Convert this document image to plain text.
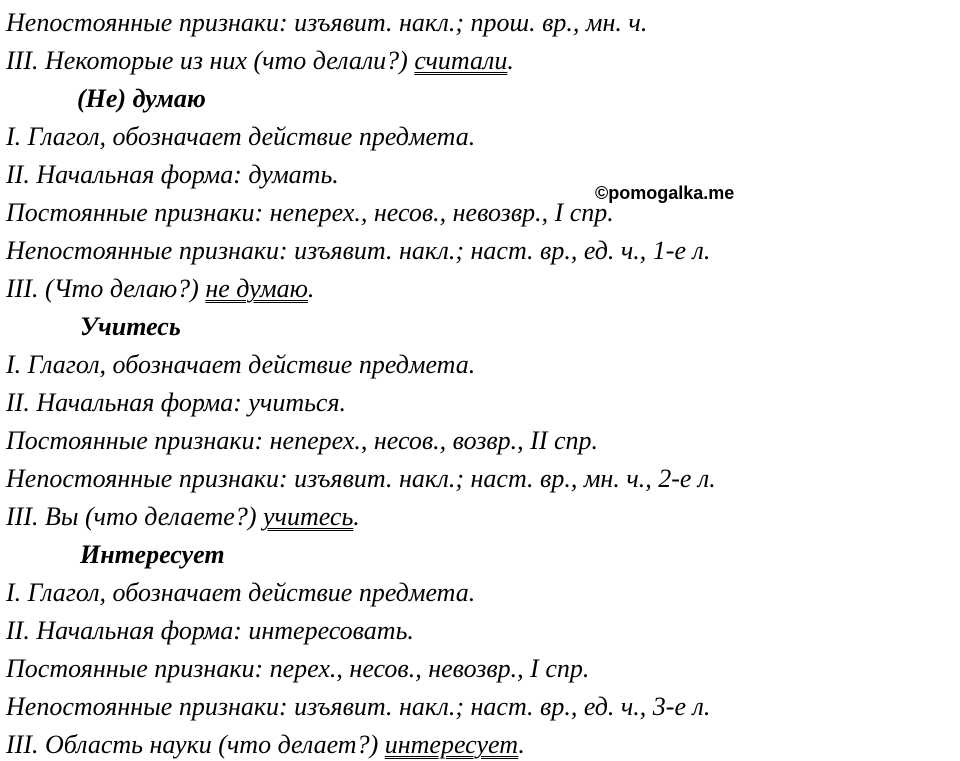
Непостоянные признаки: изъявит. накл.; прош. вр., мн. ч.
III. Некоторые из них (что делали?) считали.
(Не) думаю
I. Глагол, обозначает действие предмета.
II. Начальная форма: думать.
Постоянные признаки: неперех., несов., невозвр., I спр.
Непостоянные признаки: изъявит. накл.; наст. вр., ед. ч., 1-е л.
III. (Что делаю?) не думаю.
Учитесь
I. Глагол, обозначает действие предмета.
II. Начальная форма: учиться.
Постоянные признаки: неперех., несов., возвр., II спр.
Непостоянные признаки: изъявит. накл.; наст. вр., мн. ч., 2-е л.
III. Вы (что делаете?) учитесь.
Интересует
I. Глагол, обозначает действие предмета.
II. Начальная форма: интересовать.
Постоянные признаки: перех., несов., невозвр., I спр.
Непостоянные признаки: изъявит. накл.; наст. вр., ед. ч., 3-е л.
III. Область науки (что делает?) интересует.
©pomogalka.me
